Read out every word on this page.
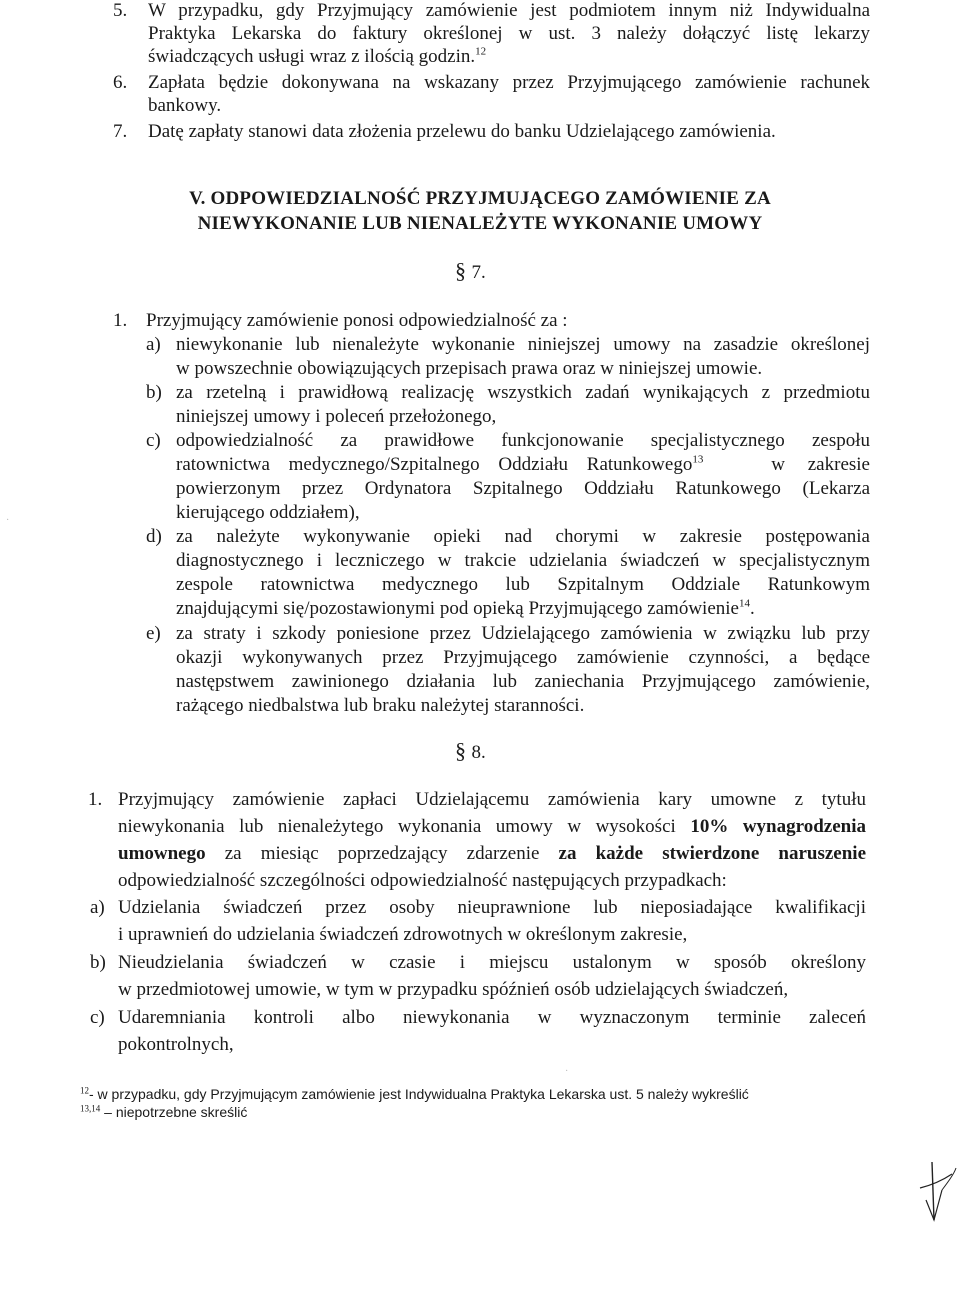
5. W przypadku, gdy Przyjmujący zamówienie jest podmiotem innym niż Indywidualna
Praktyka Lekarska do faktury określonej w ust. 3 należy dołączyć listę lekarzy
świadczących usługi wraz z ilością godzin.$^{12}$
6. Zapłata będzie dokonywana na wskazany przez Przyjmującego zamówienie rachunek
bankowy.
7. Datę zapłaty stanowi data złożenia przelewu do banku Udzielającego zamówienia.
V. ODPOWIEDZIALNOŚĆ PRZYJMUJĄCEGO ZAMÓWIENIE ZA
NIEWYKONANIE LUB NIENALEŻYTE WYKONANIE UMOWY
§ 7.
1. Przyjmujący zamówienie ponosi odpowiedzialność za :
a) niewykonanie lub nienależyte wykonanie niniejszej umowy na zasadzie określonej
w powszechnie obowiązujących przepisach prawa oraz w niniejszej umowie.
b) za rzetelną i prawidłową realizację wszystkich zadań wynikających z przedmiotu
niniejszej umowy i poleceń przełożonego,
c) odpowiedzialność za prawidłowe funkcjonowanie specjalistycznego zespołu
ratownictwa medycznego/Szpitalnego Oddziału Ratunkowego$^{13}$	w zakresie
powierzonym przez Ordynatora Szpitalnego Oddziału Ratunkowego (Lekarza
kierującego oddziałem),
d) za należyte wykonywanie opieki nad chorymi w zakresie postępowania
diagnostycznego i leczniczego w trakcie udzielania świadczeń w specjalistycznym
zespole ratownictwa medycznego lub Szpitalnym Oddziale Ratunkowym
znajdującymi się/pozostawionymi pod opieką Przyjmującego zamówienie$^{14}$.
e) za straty i szkody poniesione przez Udzielającego zamówienia w związku lub przy
okazji wykonywanych przez Przyjmującego zamówienie czynności, a będące
następstwem zawinionego działania lub zaniechania Przyjmującego zamówienie,
rażącego niedbalstwa lub braku należytej staranności.
§ 8.
1. Przyjmujący zamówienie zapłaci Udzielającemu zamówienia kary umowne z tytułu
niewykonania lub nienależytego wykonania umowy w wysokości 10% wynagrodzenia
umownego za miesiąc poprzedzający zdarzenie za każde stwierdzone naruszenie
odpowiedzialność szczególności odpowiedzialność następujących przypadkach:
a) Udzielania świadczeń przez osoby nieuprawnione lub nieposiadające kwalifikacji
i uprawnień do udzielania świadczeń zdrowotnych w określonym zakresie,
b) Nieudzielania świadczeń w czasie i miejscu ustalonym w sposób określony
w przedmiotowej umowie, w tym w przypadku spóźnień osób udzielających świadczeń,
c) Udaremniania kontroli albo niewykonania w wyznaczonym terminie zaleceń
pokontrolnych,
$^{12}$- w przypadku, gdy Przyjmującym zamówienie jest Indywidualna Praktyka Lekarska ust. 5 należy wykreślić
$^{13,14}$ – niepotrzebne skreślić
·
·
